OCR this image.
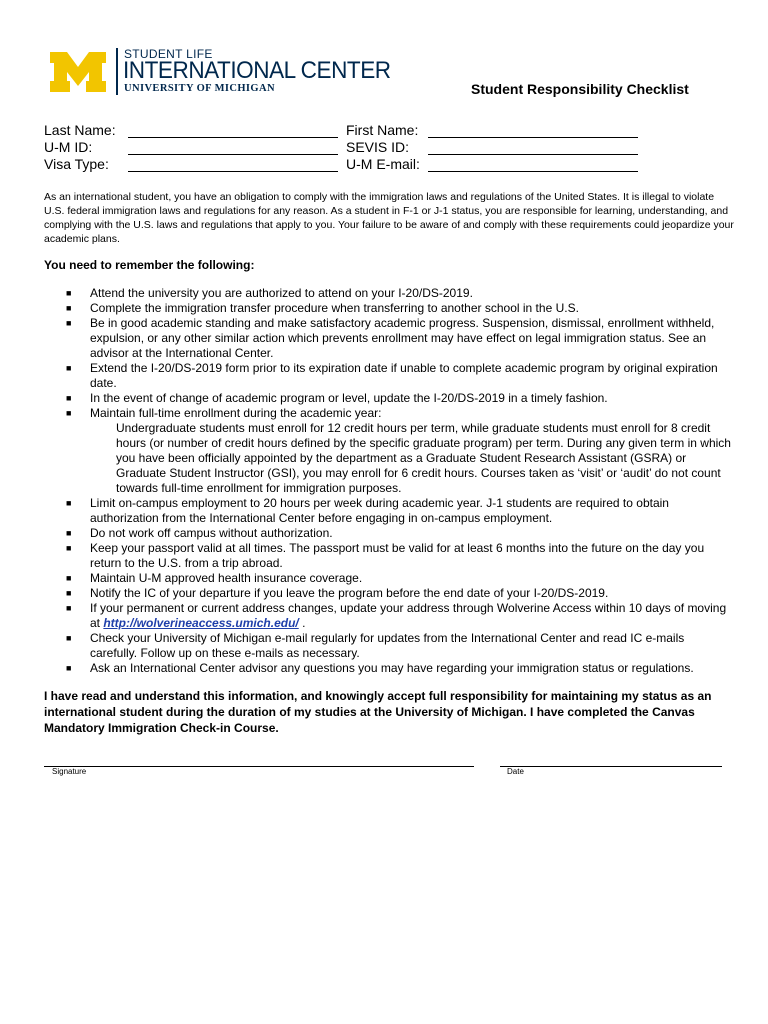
STUDENT LIFE
INTERNATIONAL CENTER
UNIVERSITY OF MICHIGAN	Student Responsibility Checklist
Last Name:	First Name:
U-M ID:	SEVIS ID:
Visa Type:	U-M E-mail:
As an international student, you have an obligation to comply with the immigration laws and regulations of the United States. It is illegal to violate U.S. federal immigration laws and regulations for any reason. As a student in F-1 or J-1 status, you are responsible for learning, understanding, and complying with the U.S. laws and regulations that apply to you. Your failure to be aware of and comply with these requirements could jeopardize your academic plans.
You need to remember the following:
■ Attend the university you are authorized to attend on your I-20/DS-2019.
■ Complete the immigration transfer procedure when transferring to another school in the U.S.
■ Be in good academic standing and make satisfactory academic progress. Suspension, dismissal, enrollment withheld, expulsion, or any other similar action which prevents enrollment may have effect on legal immigration status. See an advisor at the International Center.
■ Extend the I-20/DS-2019 form prior to its expiration date if unable to complete academic program by original expiration date.
■ In the event of change of academic program or level, update the I-20/DS-2019 in a timely fashion.
■ Maintain full-time enrollment during the academic year:
Undergraduate students must enroll for 12 credit hours per term, while graduate students must enroll for 8 credit hours (or number of credit hours defined by the specific graduate program) per term. During any given term in which you have been officially appointed by the department as a Graduate Student Research Assistant (GSRA) or Graduate Student Instructor (GSI), you may enroll for 6 credit hours. Courses taken as ‘visit’ or ‘audit’ do not count towards full-time enrollment for immigration purposes.
■ Limit on-campus employment to 20 hours per week during academic year. J-1 students are required to obtain authorization from the International Center before engaging in on-campus employment.
■ Do not work off campus without authorization.
■ Keep your passport valid at all times. The passport must be valid for at least 6 months into the future on the day you return to the U.S. from a trip abroad.
■ Maintain U-M approved health insurance coverage.
■ Notify the IC of your departure if you leave the program before the end date of your I-20/DS-2019.
■ If your permanent or current address changes, update your address through Wolverine Access within 10 days of moving at http://wolverineaccess.umich.edu/ .
■ Check your University of Michigan e-mail regularly for updates from the International Center and read IC e-mails carefully. Follow up on these e-mails as necessary.
■ Ask an International Center advisor any questions you may have regarding your immigration status or regulations.
I have read and understand this information, and knowingly accept full responsibility for maintaining my status as an international student during the duration of my studies at the University of Michigan. I have completed the Canvas Mandatory Immigration Check-in Course.
Signature	Date
